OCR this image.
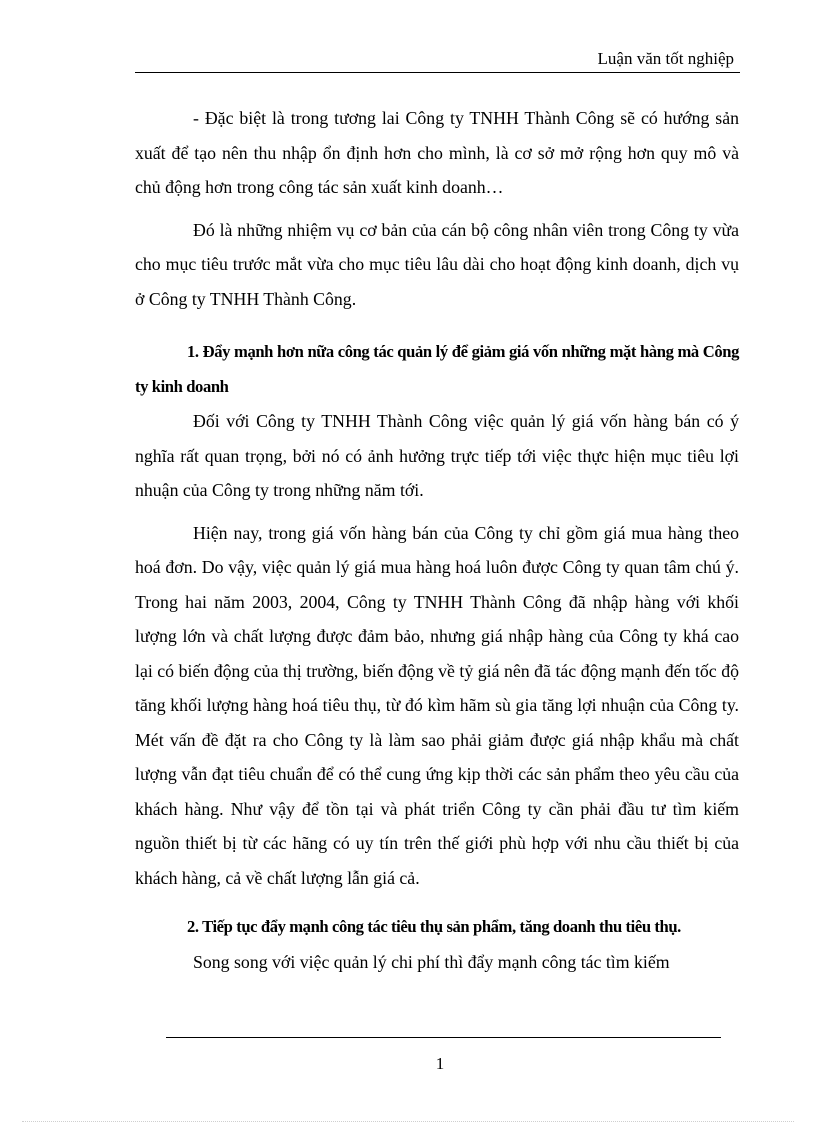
Luận văn tốt nghiệp

- Đặc biệt là trong tương lai Công ty TNHH Thành Công sẽ có hướng sản xuất để tạo nên thu nhập ổn định hơn cho mình, là cơ sở mở rộng hơn quy mô và chủ động hơn trong công tác sản xuất kinh doanh…

Đó là những nhiệm vụ cơ bản của cán bộ công nhân viên trong Công ty vừa cho mục tiêu trước mắt vừa cho mục tiêu lâu dài cho hoạt động kinh doanh, dịch vụ ở Công ty TNHH Thành Công.

1. Đẩy mạnh hơn nữa công tác quản lý để giảm giá vốn những mặt hàng mà Công ty kinh doanh

Đối với Công ty TNHH Thành Công việc quản lý giá vốn hàng bán có ý nghĩa rất quan trọng, bởi nó có ảnh hưởng trực tiếp tới việc thực hiện mục tiêu lợi nhuận của Công ty trong những năm tới.

Hiện nay, trong giá vốn hàng bán của Công ty chỉ gồm giá mua hàng theo hoá đơn. Do vậy, việc quản lý giá mua hàng hoá luôn được Công ty quan tâm chú ý. Trong hai năm 2003, 2004, Công ty TNHH Thành Công đã nhập hàng với khối lượng lớn và chất lượng được đảm bảo, nhưng giá nhập hàng của Công ty khá cao lại có biến động của thị trường, biến động về tỷ giá nên đã tác động mạnh đến tốc độ tăng khối lượng hàng hoá tiêu thụ, từ đó kìm hãm sù gia tăng lợi nhuận của Công ty. Mét vấn đề đặt ra cho Công ty là làm sao phải giảm được giá nhập khẩu mà chất lượng vẫn đạt tiêu chuẩn để có thể cung ứng kịp thời các sản phẩm theo yêu cầu của khách hàng. Như vậy để tồn tại và phát triển Công ty cần phải đầu tư tìm kiếm nguồn thiết bị từ các hãng có uy tín trên thế giới phù hợp với nhu cầu thiết bị của khách hàng, cả về chất lượng lẫn giá cả.

2. Tiếp tục đẩy mạnh công tác tiêu thụ sản phẩm, tăng doanh thu tiêu thụ.

Song song với việc quản lý chi phí thì đẩy mạnh công tác tìm kiếm

1
